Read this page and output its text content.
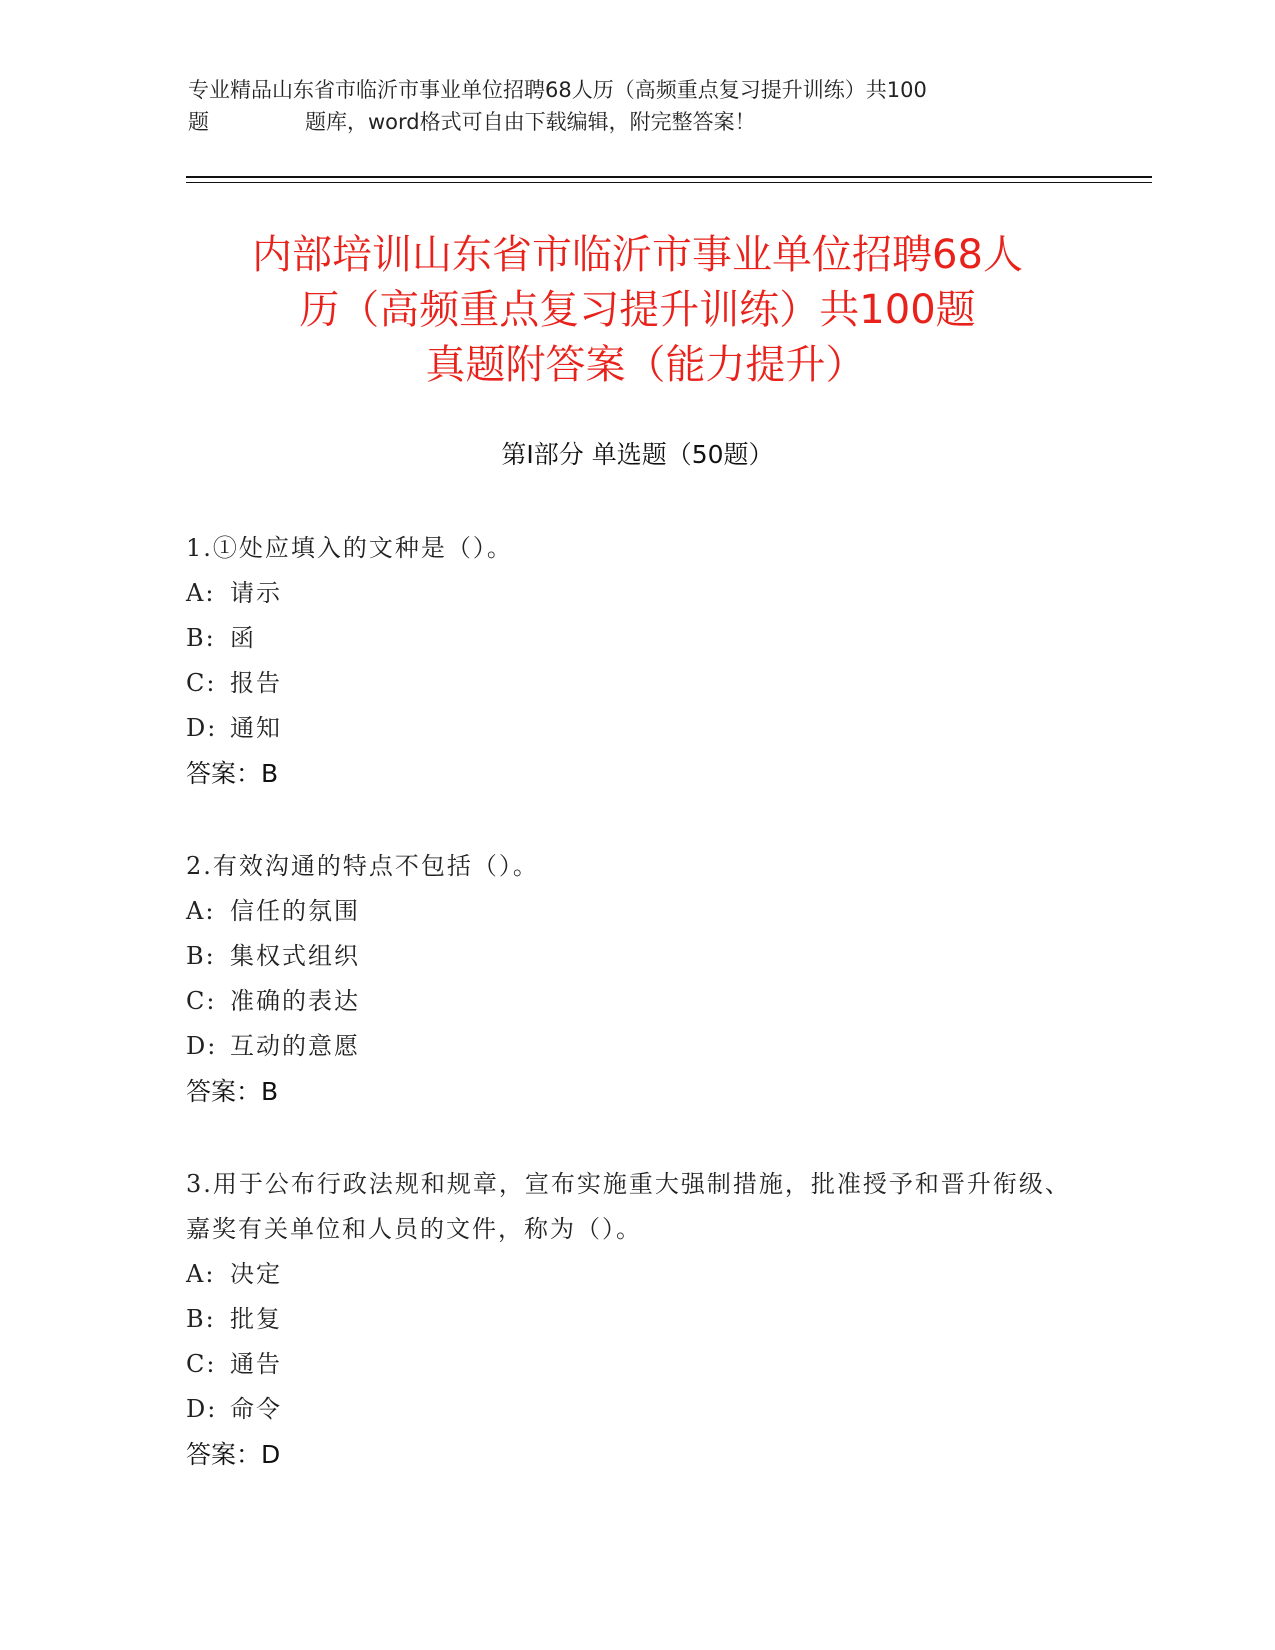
专业精品山东省市临沂市事业单位招聘68人历（高频重点复习提升训练）共100

题	题库，word格式可自由下载编辑，附完整答案！
内部培训山东省市临沂市事业单位招聘68人
历（高频重点复习提升训练）共100题
真题附答案（能力提升）
第I部分 单选题（50题）
1.①处应填入的文种是（）。
A: 请示
B: 函
C: 报告
D: 通知
答案：B
2.有效沟通的特点不包括（）。
A: 信任的氛围
B: 集权式组织
C: 准确的表达
D: 互动的意愿
答案：B
3.用于公布行政法规和规章，宣布实施重大强制措施，批准授予和晋升衔级、嘉奖有关单位和人员的文件，称为（）。
A: 决定
B: 批复
C: 通告
D: 命令
答案：D
